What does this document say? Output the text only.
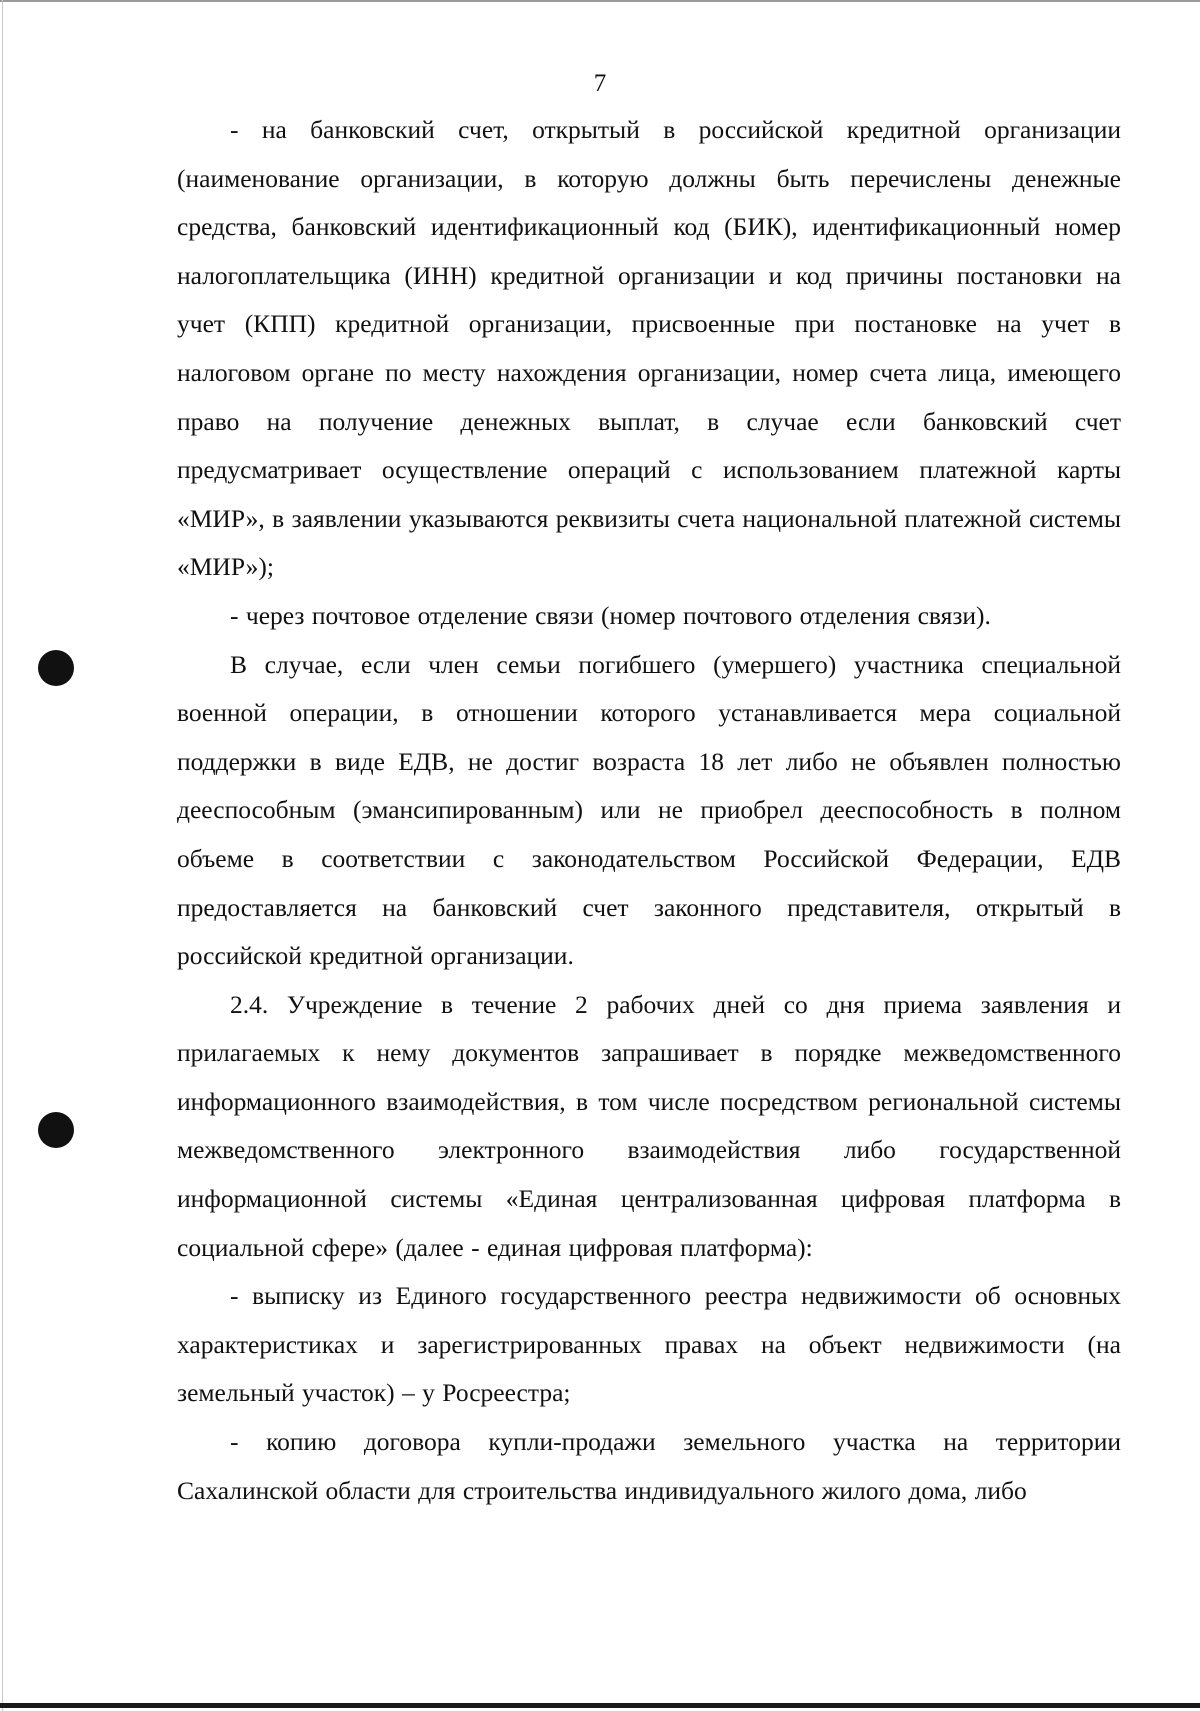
7

- на банковский счет, открытый в российской кредитной организации (наименование организации, в которую должны быть перечислены денежные средства, банковский идентификационный код (БИК), идентификационный номер налогоплательщика (ИНН) кредитной организации и код причины постановки на учет (КПП) кредитной организации, присвоенные при постановке на учет в налоговом органе по месту нахождения организации, номер счета лица, имеющего право на получение денежных выплат, в случае если банковский счет предусматривает осуществление операций с использованием платежной карты «МИР», в заявлении указываются реквизиты счета национальной платежной системы «МИР»);

- через почтовое отделение связи (номер почтового отделения связи).

В случае, если член семьи погибшего (умершего) участника специальной военной операции, в отношении которого устанавливается мера социальной поддержки в виде ЕДВ, не достиг возраста 18 лет либо не объявлен полностью дееспособным (эмансипированным) или не приобрел дееспособность в полном объеме в соответствии с законодательством Российской Федерации, ЕДВ предоставляется на банковский счет законного представителя, открытый в российской кредитной организации.

2.4. Учреждение в течение 2 рабочих дней со дня приема заявления и прилагаемых к нему документов запрашивает в порядке межведомственного информационного взаимодействия, в том числе посредством региональной системы межведомственного электронного взаимодействия либо государственной информационной системы «Единая централизованная цифровая платформа в социальной сфере» (далее - единая цифровая платформа):

- выписку из Единого государственного реестра недвижимости об основных характеристиках и зарегистрированных правах на объект недвижимости (на земельный участок) – у Росреестра;

- копию договора купли-продажи земельного участка на территории Сахалинской области для строительства индивидуального жилого дома, либо
